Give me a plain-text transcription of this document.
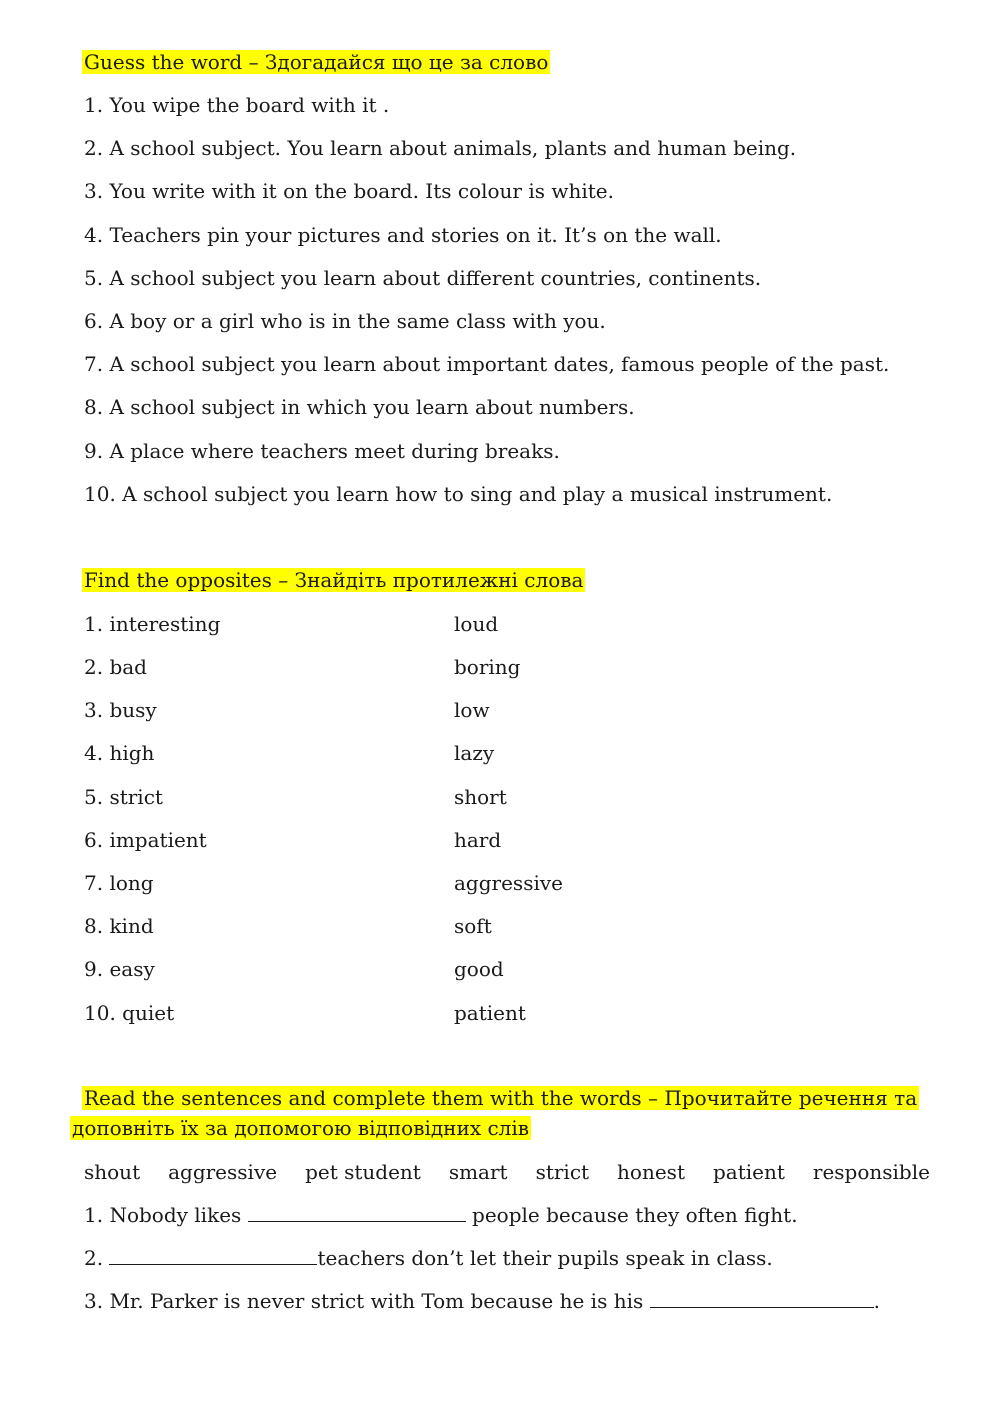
Guess the word – Здогадайся що це за слово
1. You wipe the board with it .
2. A school subject. You learn about animals, plants and human being.
3. You write with it on the board. Its colour is white.
4. Teachers pin your pictures and stories on it. It’s on the wall.
5. A school subject you learn about different countries, continents.
6. A boy or a girl who is in the same class with you.
7. A school subject you learn about important dates, famous people of the past.
8. A school subject in which you learn about numbers.
9. A place where teachers meet during breaks.
10. A school subject you learn how to sing and play a musical instrument.
Find the opposites – Знайдіть протилежні слова
1. interesting	loud
2. bad	boring
3. busy	low
4. high	lazy
5. strict	short
6. impatient	hard
7. long	aggressive
8. kind	soft
9. easy	good
10. quiet	patient
Read the sentences and complete them with the words – Прочитайте речення та
доповніть їх за допомогою відповідних слів
shout aggressive pet student smart strict honest patient responsible
1. Nobody likes	people because they often fight.
2.	teachers don’t let their pupils speak in class.
3. Mr. Parker is never strict with Tom because he is his	.
